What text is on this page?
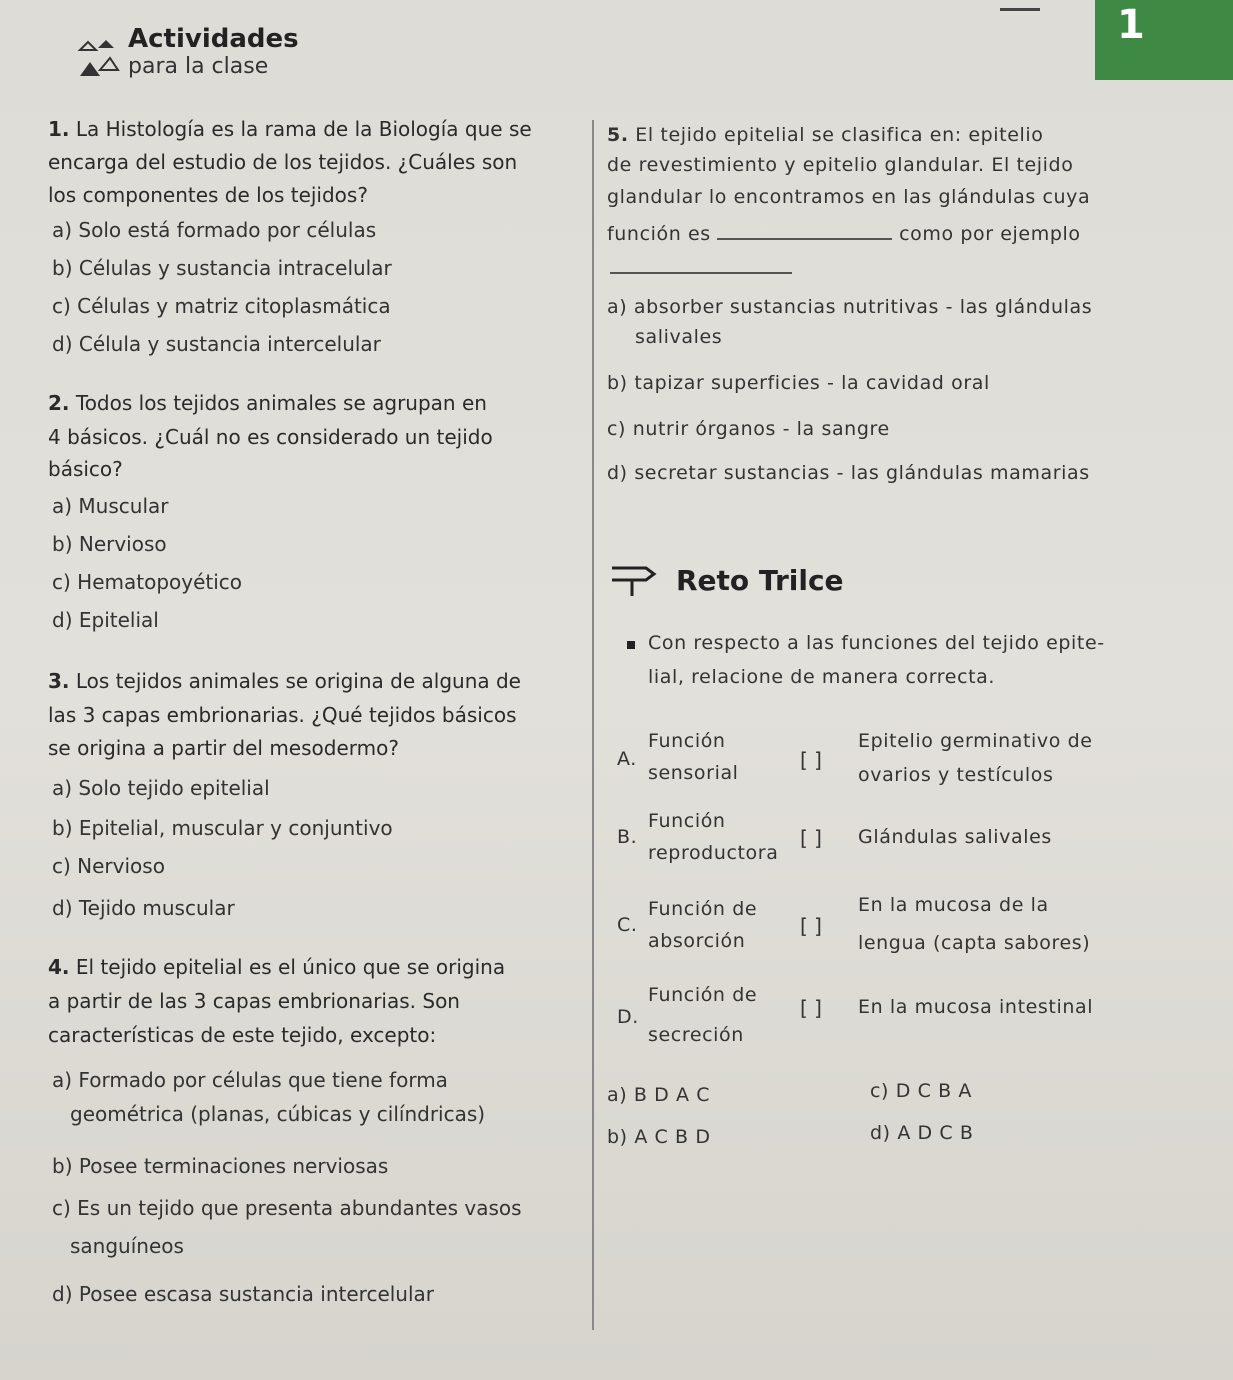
1
Actividades
para la clase
1. La Histología es la rama de la Biología que se
encarga del estudio de los tejidos. ¿Cuáles son
los componentes de los tejidos?
a) Solo está formado por células
b) Células y sustancia intracelular
c) Células y matriz citoplasmática
d) Célula y sustancia intercelular
2. Todos los tejidos animales se agrupan en
4 básicos. ¿Cuál no es considerado un tejido
básico?
a) Muscular
b) Nervioso
c) Hematopoyético
d) Epitelial
3. Los tejidos animales se origina de alguna de
las 3 capas embrionarias. ¿Qué tejidos básicos
se origina a partir del mesodermo?
a) Solo tejido epitelial
b) Epitelial, muscular y conjuntivo
c) Nervioso
d) Tejido muscular
4. El tejido epitelial es el único que se origina
a partir de las 3 capas embrionarias. Son
características de este tejido, excepto:
a) Formado por células que tiene forma
geométrica (planas, cúbicas y cilíndricas)
b) Posee terminaciones nerviosas
c) Es un tejido que presenta abundantes vasos
sanguíneos
d) Posee escasa sustancia intercelular
5. El tejido epitelial se clasifica en: epitelio
de revestimiento y epitelio glandular. El tejido
glandular lo encontramos en las glándulas cuya
función es	como por ejemplo
a) absorber sustancias nutritivas - las glándulas
salivales
b) tapizar superficies - la cavidad oral
c) nutrir órganos - la sangre
d) secretar sustancias - las glándulas mamarias
Reto Trilce
Con respecto a las funciones del tejido epite-
lial, relacione de manera correcta.
A.
Función
sensorial
[ ]
Epitelio germinativo de
ovarios y testículos
B.
Función
reproductora
[ ] Glándulas salivales
C.
Función de
absorción
[ ]
En la mucosa de la
lengua (capta sabores)
D.
Función de
secreción
[ ] En la mucosa intestinal
a) B D A C
b) A C B D
c) D C B A
d) A D C B
